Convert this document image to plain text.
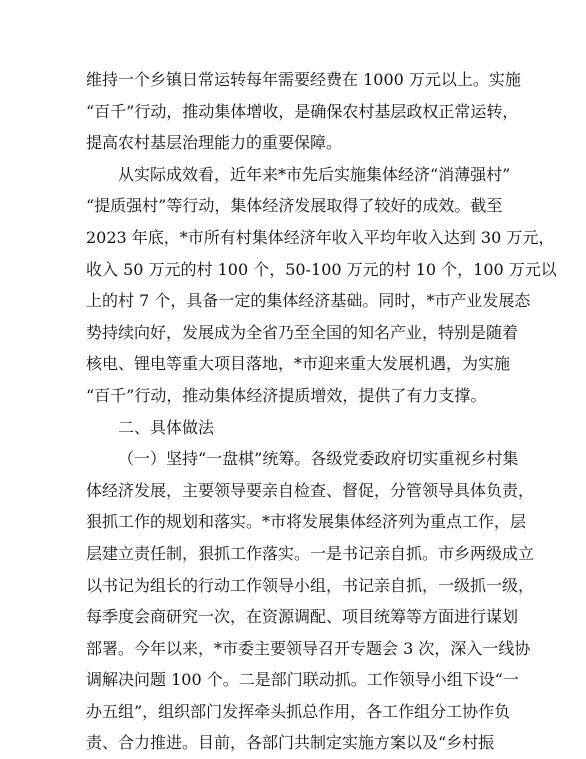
维持一个乡镇日常运转每年需要经费在 1000 万元以上。实施
“百千”行动，推动集体增收，是确保农村基层政权正常运转，
提高农村基层治理能力的重要保障。

从实际成效看，近年来*市先后实施集体经济“消薄强村”
“提质强村”等行动，集体经济发展取得了较好的成效。截至
2023 年底，*市所有村集体经济年收入平均年收入达到 30 万元，
收入 50 万元的村 100 个，50-100 万元的村 10 个，100 万元以
上的村 7 个，具备一定的集体经济基础。同时，*市产业发展态
势持续向好，发展成为全省乃至全国的知名产业，特别是随着
核电、锂电等重大项目落地，*市迎来重大发展机遇，为实施
“百千”行动，推动集体经济提质增效，提供了有力支撑。

二、具体做法

（一）坚持“一盘棋”统筹。各级党委政府切实重视乡村集
体经济发展，主要领导要亲自检查、督促，分管领导具体负责，
狠抓工作的规划和落实。*市将发展集体经济列为重点工作，层
层建立责任制，狠抓工作落实。一是书记亲自抓。市乡两级成立
以书记为组长的行动工作领导小组，书记亲自抓，一级抓一级，
每季度会商研究一次，在资源调配、项目统筹等方面进行谋划
部署。今年以来，*市委主要领导召开专题会 3 次，深入一线协
调解决问题 100 个。二是部门联动抓。工作领导小组下设“一
办五组”，组织部门发挥牵头抓总作用，各工作组分工协作负
责、合力推进。目前，各部门共制定实施方案以及“乡村振
